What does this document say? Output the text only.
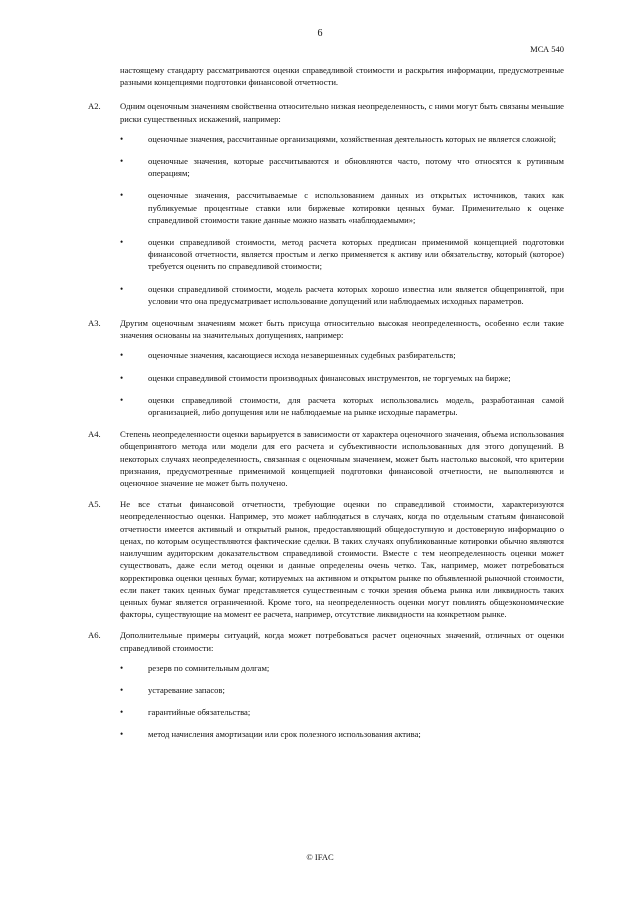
6
МСА 540

настоящему стандарту рассматриваются оценки справедливой стоимости и раскрытия информации, предусмотренные разными концепциями подготовки финансовой отчетности.

A2. Одним оценочным значениям свойственна относительно низкая неопределенность, с ними могут быть связаны меньшие риски существенных искажений, например:

•	оценочные значения, рассчитанные организациями, хозяйственная деятельность которых не является сложной;
•	оценочные значения, которые рассчитываются и обновляются часто, потому что относятся к рутинным операциям;
•	оценочные значения, рассчитываемые с использованием данных из открытых источников, таких как публикуемые процентные ставки или биржевые котировки ценных бумаг. Применительно к оценке справедливой стоимости такие данные можно назвать «наблюдаемыми»;
•	оценки справедливой стоимости, метод расчета которых предписан применимой концепцией подготовки финансовой отчетности, является простым и легко применяется к активу или обязательству, который (которое) требуется оценить по справедливой стоимости;
•	оценки справедливой стоимости, модель расчета которых хорошо известна или является общепринятой, при условии что она предусматривает использование допущений или наблюдаемых исходных параметров.
A3. Другим оценочным значениям может быть присуща относительно высокая неопределенность, особенно если такие значения основаны на значительных допущениях, например:

•	оценочные значения, касающиеся исхода незавершенных судебных разбирательств;
•	оценки справедливой стоимости производных финансовых инструментов, не торгуемых на бирже;
•	оценки справедливой стоимости, для расчета которых использовались модель, разработанная самой организацией, либо допущения или не наблюдаемые на рынке исходные параметры.
A4. Степень неопределенности оценки варьируется в зависимости от характера оценочного значения, объема использования общепринятого метода или модели для его расчета и субъективности использованных для этого допущений. В некоторых случаях неопределенность, связанная с оценочным значением, может быть настолько высокой, что критерии признания, предусмотренные применимой концепцией подготовки финансовой отчетности, не выполняются и оценочное значение не может быть получено.

A5. Не все статьи финансовой отчетности, требующие оценки по справедливой стоимости, характеризуются неопределенностью оценки. Например, это может наблюдаться в случаях, когда по отдельным статьям финансовой отчетности имеется активный и открытый рынок, предоставляющий общедоступную и достоверную информацию о ценах, по которым осуществляются фактические сделки. В таких случаях опубликованные котировки обычно являются наилучшим аудиторским доказательством справедливой стоимости. Вместе с тем неопределенность оценки может существовать, даже если метод оценки и данные определены очень четко. Так, например, может потребоваться корректировка оценки ценных бумаг, котируемых на активном и открытом рынке по объявленной рыночной стоимости, если пакет таких ценных бумаг представляется существенным с точки зрения объема рынка или ликвидность таких ценных бумаг является ограниченной. Кроме того, на неопределенность оценки могут повлиять общеэкономические факторы, существующие на момент ее расчета, например, отсутствие ликвидности на конкретном рынке.

A6. Дополнительные примеры ситуаций, когда может потребоваться расчет оценочных значений, отличных от оценки справедливой стоимости:

•	резерв по сомнительным долгам;
•	устаревание запасов;
•	гарантийные обязательства;
•	метод начисления амортизации или срок полезного использования актива;
© IFAC
